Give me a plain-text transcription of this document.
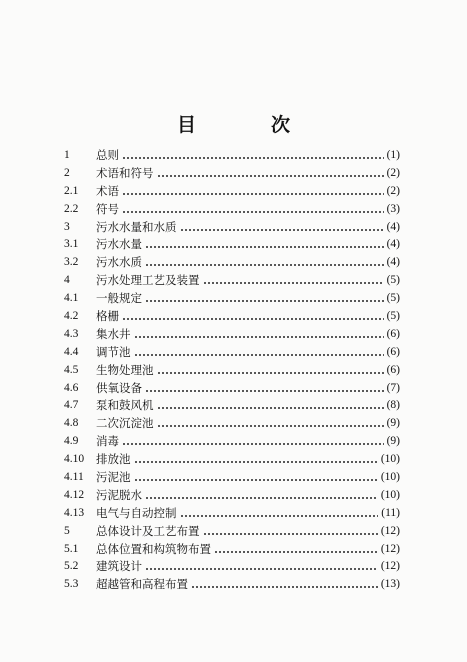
目　次
1	总则	(1)
2	术语和符号	(2)
2.1	术语	(2)
2.2	符号	(3)
3	污水水量和水质	(4)
3.1	污水水量	(4)
3.2	污水水质	(4)
4	污水处理工艺及装置	(5)
4.1	一般规定	(5)
4.2	格栅	(5)
4.3	集水井	(6)
4.4	调节池	(6)
4.5	生物处理池	(6)
4.6	供氧设备	(7)
4.7	泵和鼓风机	(8)
4.8	二次沉淀池	(9)
4.9	消毒	(9)
4.10	排放池	(10)
4.11	污泥池	(10)
4.12	污泥脱水	(10)
4.13	电气与自动控制	(11)
5	总体设计及工艺布置	(12)
5.1	总体位置和构筑物布置	(12)
5.2	建筑设计	(12)
5.3	超越管和高程布置	(13)
